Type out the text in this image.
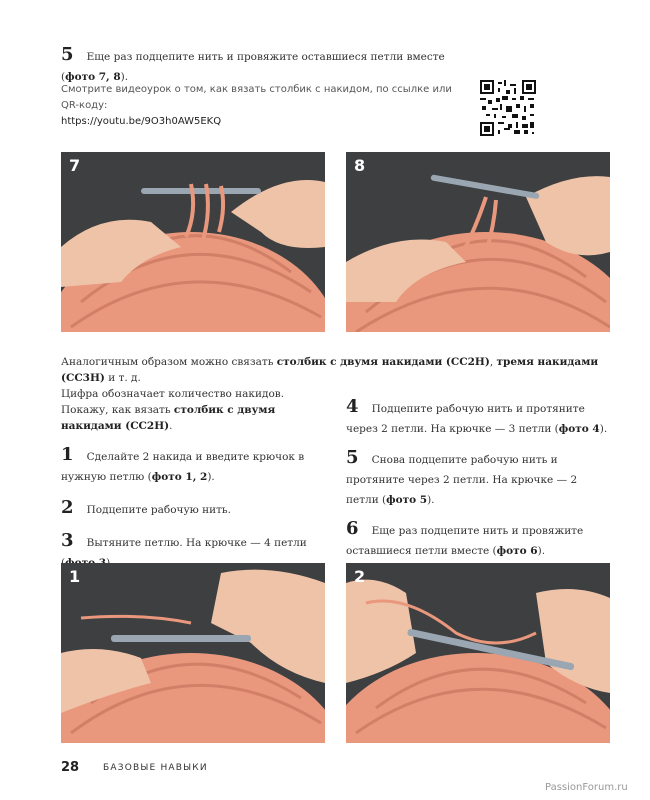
5 Еще раз подцепите нить и провяжите оставшиеся петли вместе (фото 7, 8).
Смотрите видеоурок о том, как вязать столбик с накидом, по ссылке или QR-коду:
https://youtu.be/9O3h0AW5EKQ
7	8
Аналогичным образом можно связать столбик с двумя накидами (СС2Н), тремя накидами (СС3Н) и т. д.
Цифра обозначает количество накидов.
Покажу, как вязать столбик с двумя накидами (СС2Н).
1 Сделайте 2 накида и введите крючок в нужную петлю (фото 1, 2).
2 Подцепите рабочую нить.
3 Вытяните петлю. На крючке — 4 петли
4 Подцепите рабочую нить и протяните через 2 петли. На крючке — 3 петли (фото 4).
5 Снова подцепите рабочую нить и протяните через 2 петли. На крючке — 2 петли (фото 5).
6 Еще раз подцепите нить и провяжите оставшиеся петли вместе (фото 6).
1	2
28	БАЗОВЫЕ НАВЫКИ
PassionForum.ru
